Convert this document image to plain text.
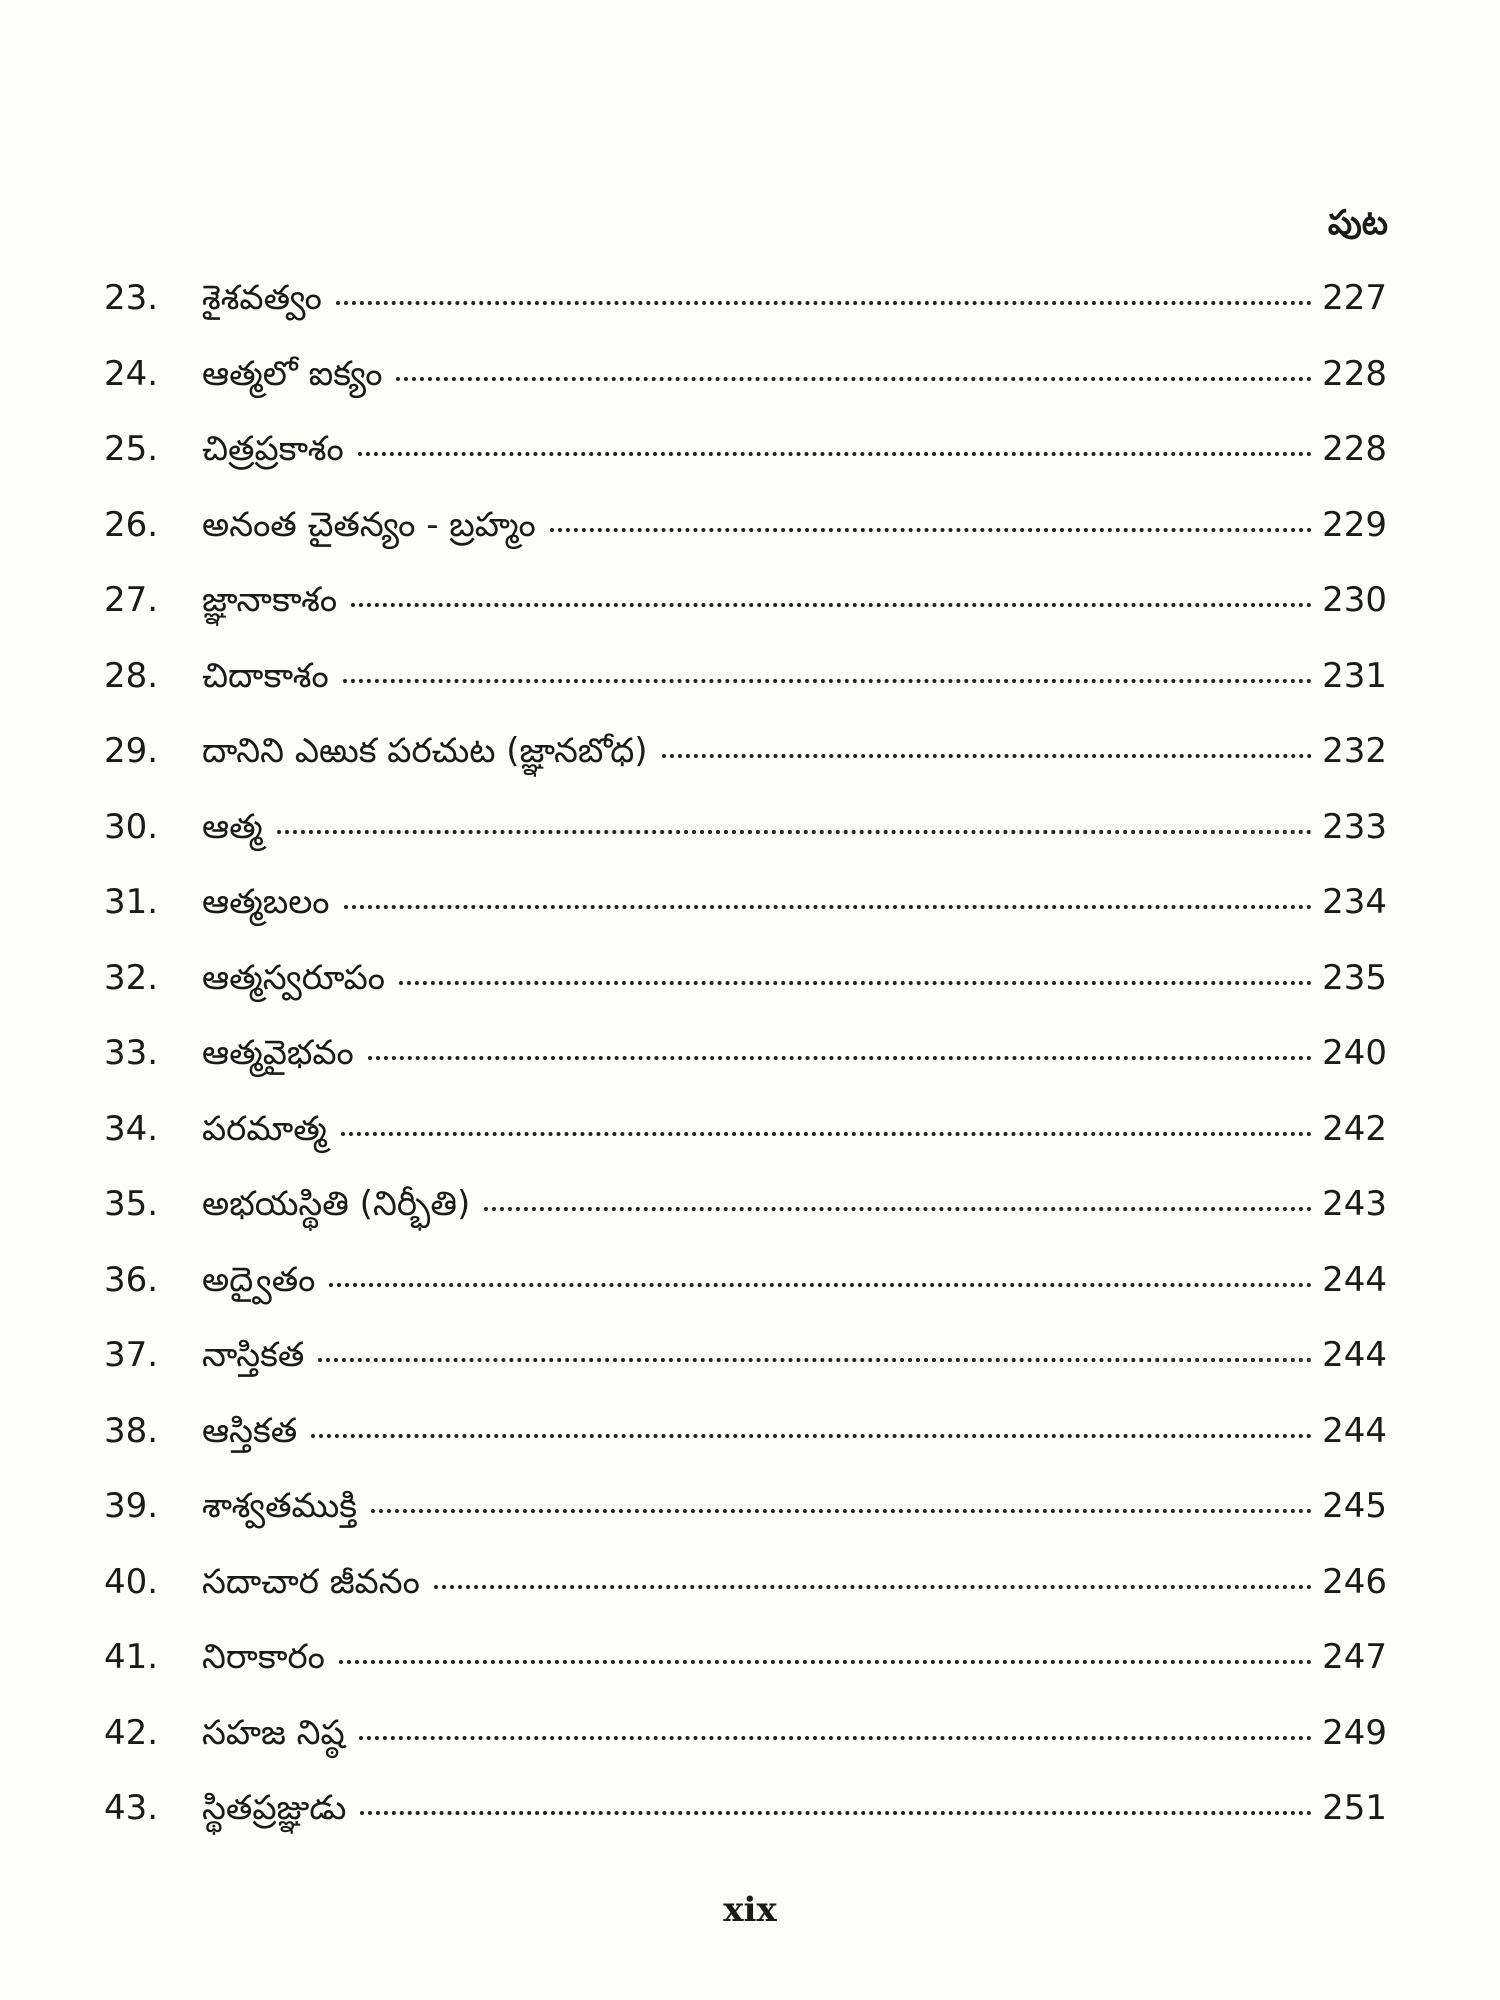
పుట
23.	శైశవత్వం	227
24.	ఆత్మలో ఐక్యం	228
25.	చిత్రప్రకాశం	228
26.	అనంత చైతన్యం - బ్రహ్మం	229
27.	జ్ఞానాకాశం	230
28.	చిదాకాశం	231
29.	దానిని ఎఱుక పరచుట (జ్ఞానబోధ)	232
30.	ఆత్మ	233
31.	ఆత్మబలం	234
32.	ఆత్మస్వరూపం	235
33.	ఆత్మవైభవం	240
34.	పరమాత్మ	242
35.	అభయస్థితి (నిర్భీతి)	243
36.	అద్వైతం	244
37.	నాస్తికత	244
38.	ఆస్తికత	244
39.	శాశ్వతముక్తి	245
40.	సదాచార జీవనం	246
41.	నిరాకారం	247
42.	సహజ నిష్ఠ	249
43.	స్థితప్రజ్ఞుడు	251
xix
